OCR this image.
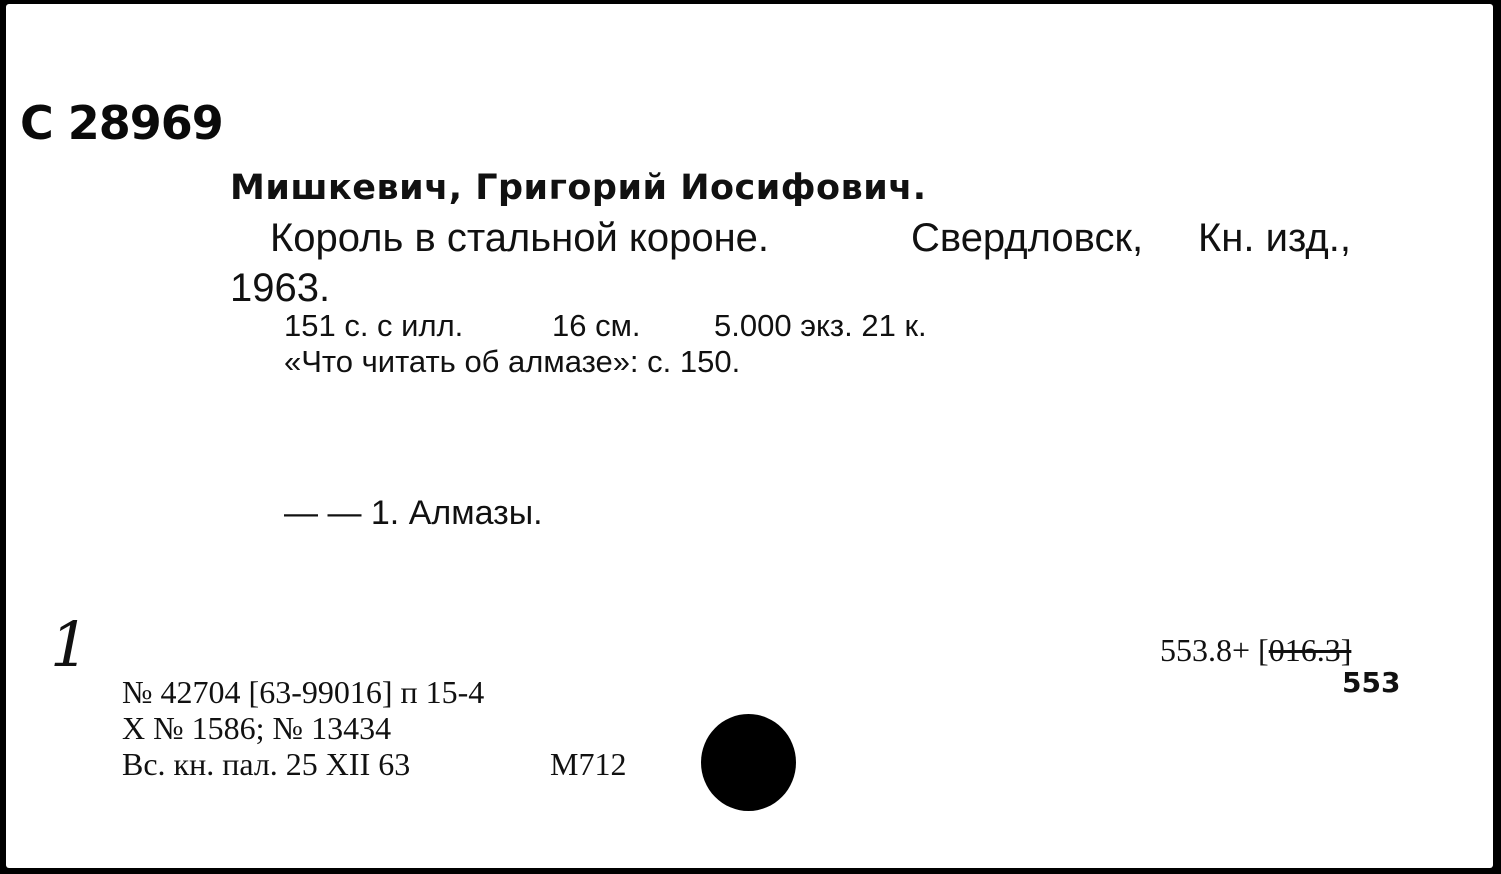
C 28969
Мишкевич, Григорий Иосифович.
Король в стальной короне.	Свердловск, Кн. изд.,
1963.
151 с. с илл.	16 см. 5.000 экз. 21 к.
«Что читать об алмазе»: с. 150.
— — 1. Алмазы.
1
№ 42704 [63-99016] п 15-4
X № 1586; № 13434
Вс. кн. пал. 25 XII 63	M712
553.8+ [016.3]
553
